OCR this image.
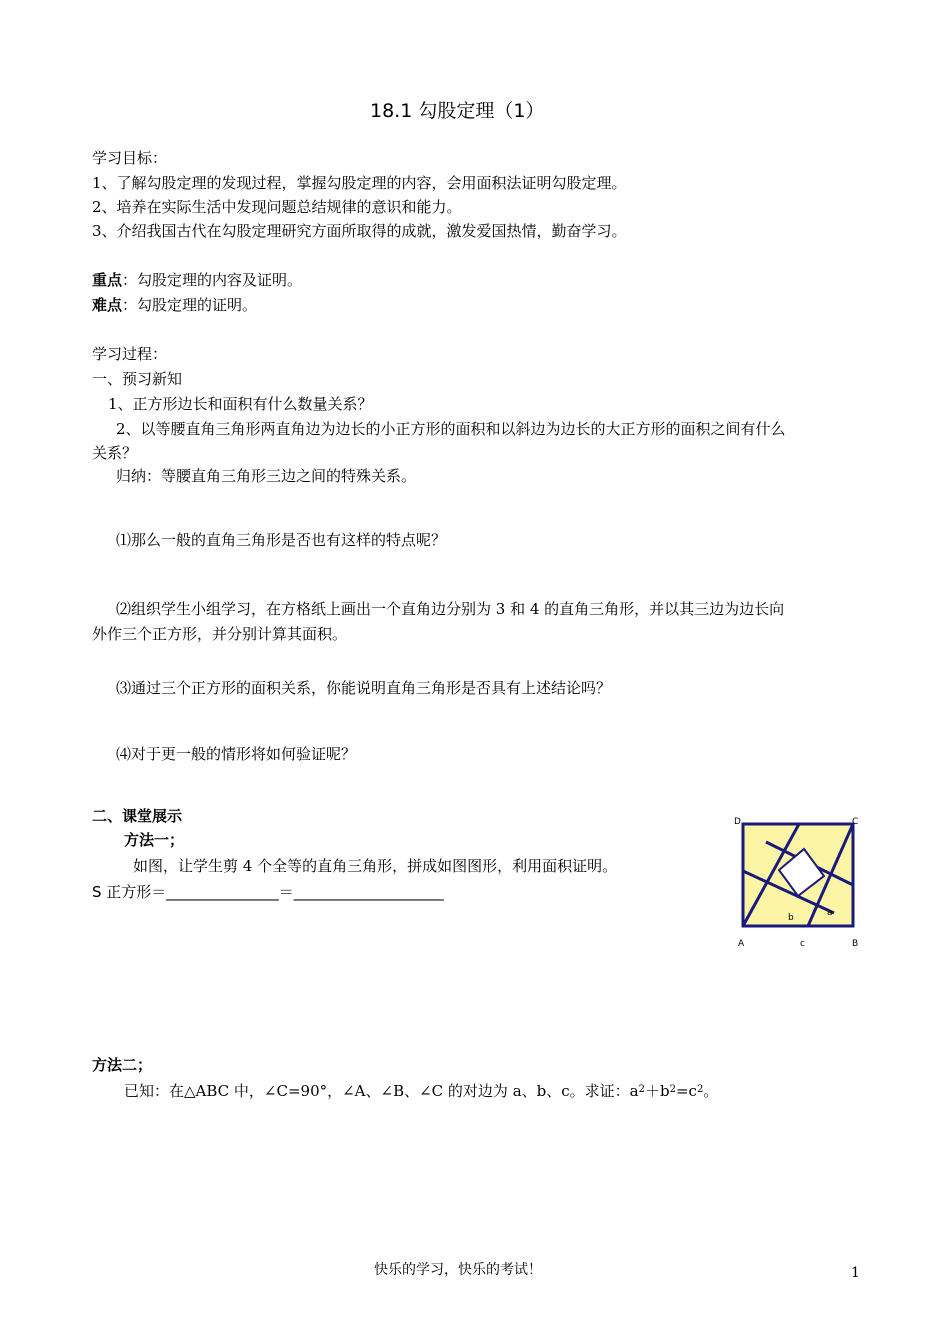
18.1 勾股定理（1）
学习目标：
1、了解勾股定理的发现过程，掌握勾股定理的内容，会用面积法证明勾股定理。
2、培养在实际生活中发现问题总结规律的意识和能力。
3、介绍我国古代在勾股定理研究方面所取得的成就，激发爱国热情，勤奋学习。
重点：勾股定理的内容及证明。
难点：勾股定理的证明。
学习过程：
一、预习新知
1、正方形边长和面积有什么数量关系？
2、以等腰直角三角形两直角边为边长的小正方形的面积和以斜边为边长的大正方形的面积之间有什么
关系？
归纳：等腰直角三角形三边之间的特殊关系。
⑴那么一般的直角三角形是否也有这样的特点呢？
⑵组织学生小组学习，在方格纸上画出一个直角边分别为 3 和 4 的直角三角形，并以其三边为边长向
外作三个正方形，并分别计算其面积。
⑶通过三个正方形的面积关系，你能说明直角三角形是否具有上述结论吗？
⑷对于更一般的情形将如何验证呢？
二、课堂展示
方法一；
如图，让学生剪 4 个全等的直角三角形，拼成如图图形，利用面积证明。
S 正方形＝_______________＝____________________
方法二；
已知：在△ABC 中，∠C=90°，∠A、∠B、∠C 的对边为 a、b、c。求证：$a^2+b^2=c^2$。
D	C
A	c	B
b	a
快乐的学习，快乐的考试！	1
